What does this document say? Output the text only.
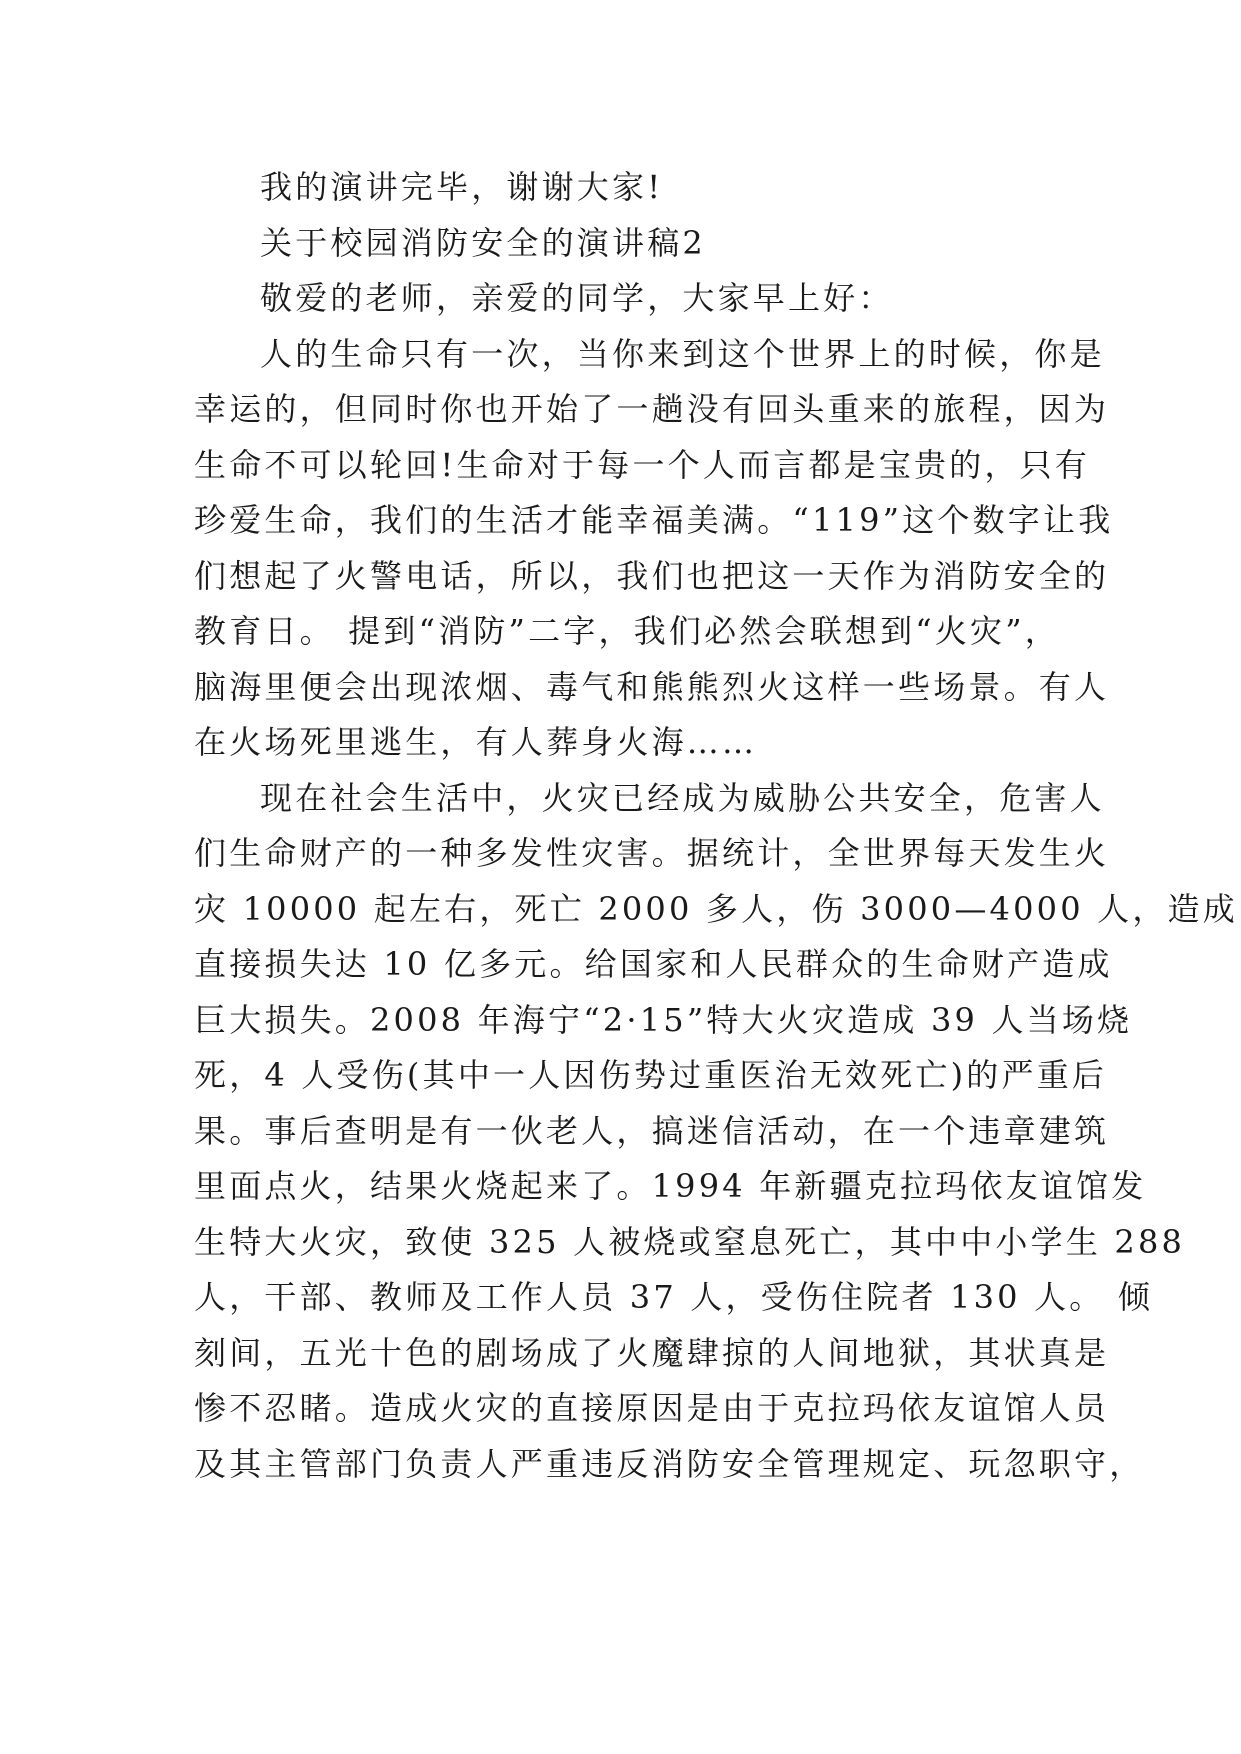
我的演讲完毕，谢谢大家!

关于校园消防安全的演讲稿2

敬爱的老师，亲爱的同学，大家早上好：

人的生命只有一次，当你来到这个世界上的时候，你是

幸运的，但同时你也开始了一趟没有回头重来的旅程，因为

生命不可以轮回!生命对于每一个人而言都是宝贵的，只有

珍爱生命，我们的生活才能幸福美满。“119”这个数字让我

们想起了火警电话，所以，我们也把这一天作为消防安全的

教育日。 提到“消防”二字，我们必然会联想到“火灾”，

脑海里便会出现浓烟、毒气和熊熊烈火这样一些场景。有人

在火场死里逃生，有人葬身火海……

现在社会生活中，火灾已经成为威胁公共安全，危害人

们生命财产的一种多发性灾害。据统计，全世界每天发生火

灾 10000 起左右，死亡 2000 多人，伤 3000—4000 人，造成

直接损失达 10 亿多元。给国家和人民群众的生命财产造成

巨大损失。2008 年海宁“2·15”特大火灾造成 39 人当场烧

死，4 人受伤(其中一人因伤势过重医治无效死亡)的严重后

果。事后查明是有一伙老人，搞迷信活动，在一个违章建筑

里面点火，结果火烧起来了。1994 年新疆克拉玛依友谊馆发

生特大火灾，致使 325 人被烧或窒息死亡，其中中小学生 288

人，干部、教师及工作人员 37 人，受伤住院者 130 人。 倾

刻间，五光十色的剧场成了火魔肆掠的人间地狱，其状真是

惨不忍睹。造成火灾的直接原因是由于克拉玛依友谊馆人员

及其主管部门负责人严重违反消防安全管理规定、玩忽职守，
